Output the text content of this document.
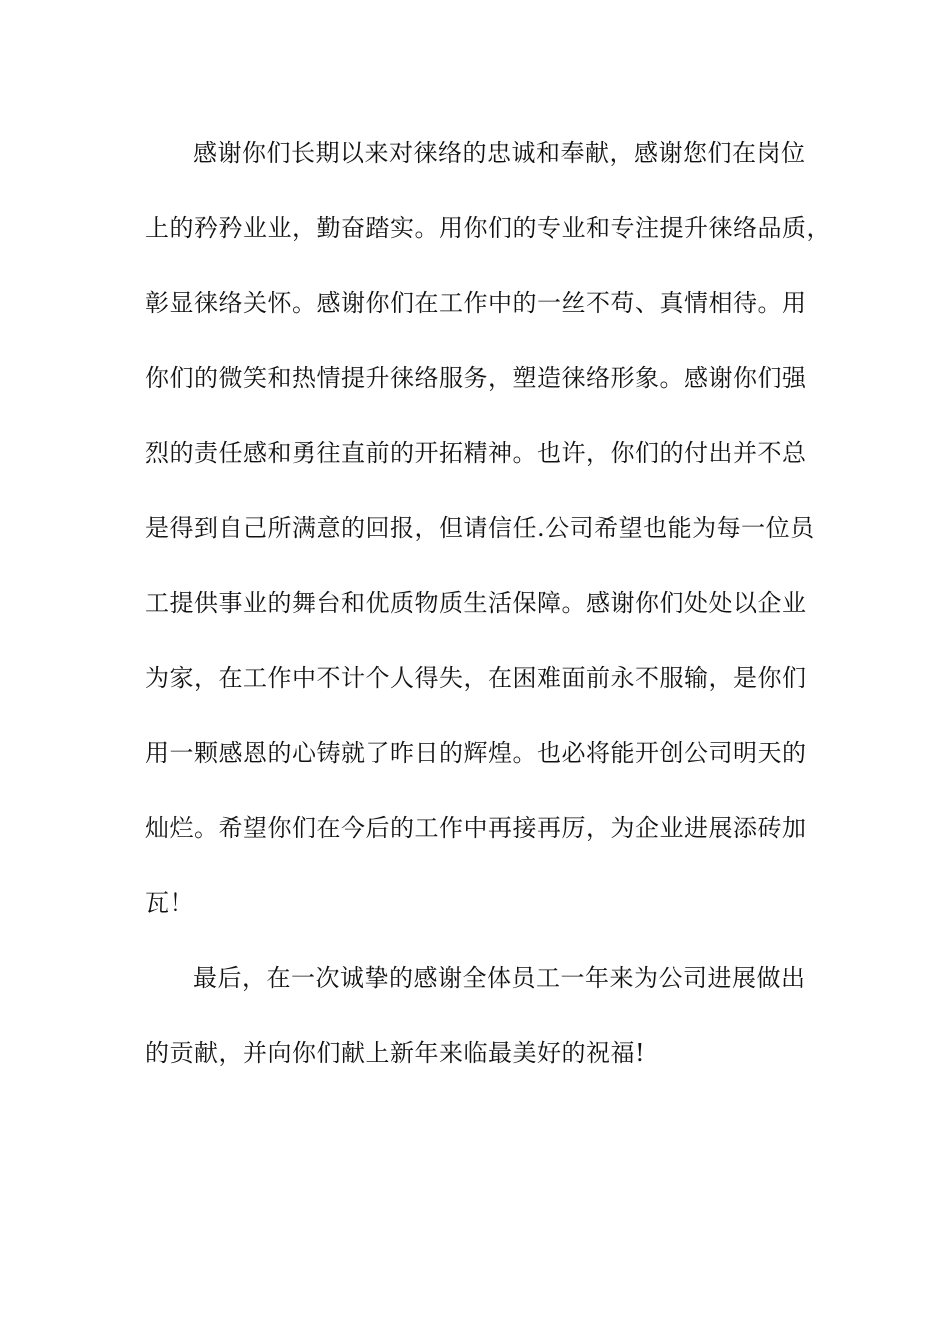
感谢你们长期以来对徕络的忠诚和奉献，感谢您们在岗位
上的矜矜业业，勤奋踏实。用你们的专业和专注提升徕络品质，
彰显徕络关怀。感谢你们在工作中的一丝不苟、真情相待。用
你们的微笑和热情提升徕络服务，塑造徕络形象。感谢你们强
烈的责任感和勇往直前的开拓精神。也许，你们的付出并不总
是得到自己所满意的回报，但请信任.公司希望也能为每一位员
工提供事业的舞台和优质物质生活保障。感谢你们处处以企业
为家，在工作中不计个人得失，在困难面前永不服输，是你们
用一颗感恩的心铸就了昨日的辉煌。也必将能开创公司明天的
灿烂。希望你们在今后的工作中再接再厉，为企业进展添砖加
瓦！
最后，在一次诚挚的感谢全体员工一年来为公司进展做出
的贡献，并向你们献上新年来临最美好的祝福!
